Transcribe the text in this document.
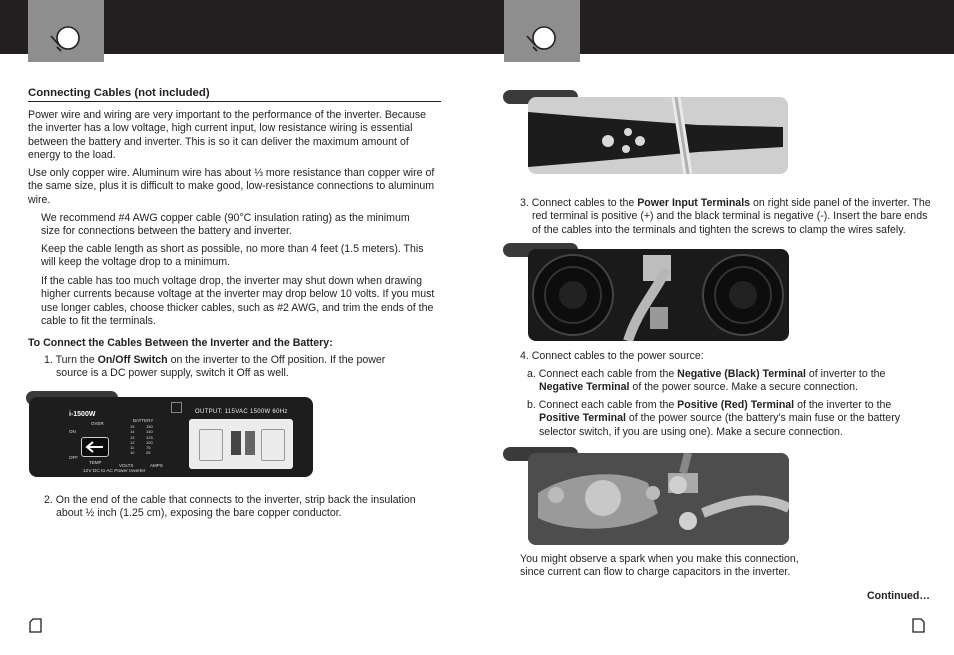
Connecting Cables (not included)

Power wire and wiring are very important to the performance of the inverter. Because the inverter has a low voltage, high current input, low resistance wiring is essential between the battery and inverter. This is so it can deliver the maximum amount of energy to the load.

Use only copper wire. Aluminum wire has about ⅓ more resistance than copper wire of the same size, plus it is difficult to make good, low-resistance connections to aluminum wire.

We recommend #4 AWG copper cable (90°C insulation rating) as the minimum size for connections between the battery and inverter.

Keep the cable length as short as possible, no more than 4 feet (1.5 meters). This will keep the voltage drop to a minimum.

If the cable has too much voltage drop, the inverter may shut down when drawing higher currents because voltage at the inverter may drop below 10 volts. If you must use longer cables, choose thicker cables, such as #2 AWG, and trim the ends of the cable to fit the terminals.

To Connect the Cables Between the Inverter and the Battery:

1. Turn the On/Off Switch on the inverter to the Off position. If the power source is a DC power supply, switch it Off as well.
i-1500W
OVER
ON
OFF
TEMP
BATTERY
15
14
13
12
11
10
150
140
125
100
75
25
VOLTS	AMPS
12V DC to AC Power Inverter
OUTPUT: 115VAC 1500W 60Hz
2. On the end of the cable that connects to the inverter, strip back the insulation about ½ inch (1.25 cm), exposing the bare copper conductor.
3. Connect cables to the Power Input Terminals on right side panel of the inverter. The red terminal is positive (+) and the black terminal is negative (-). Insert the bare ends of the cables into the terminals and tighten the screws to clamp the wires safely.
4. Connect cables to the power source:
a. Connect each cable from the Negative (Black) Terminal of inverter to the Negative Terminal of the power source. Make a secure connection.
b. Connect each cable from the Positive (Red) Terminal of the inverter to the Positive Terminal of the power source (the battery's main fuse or the battery selector switch, if you are using one). Make a secure connection.

You might observe a spark when you make this connection, since current can flow to charge capacitors in the inverter.

Continued…
